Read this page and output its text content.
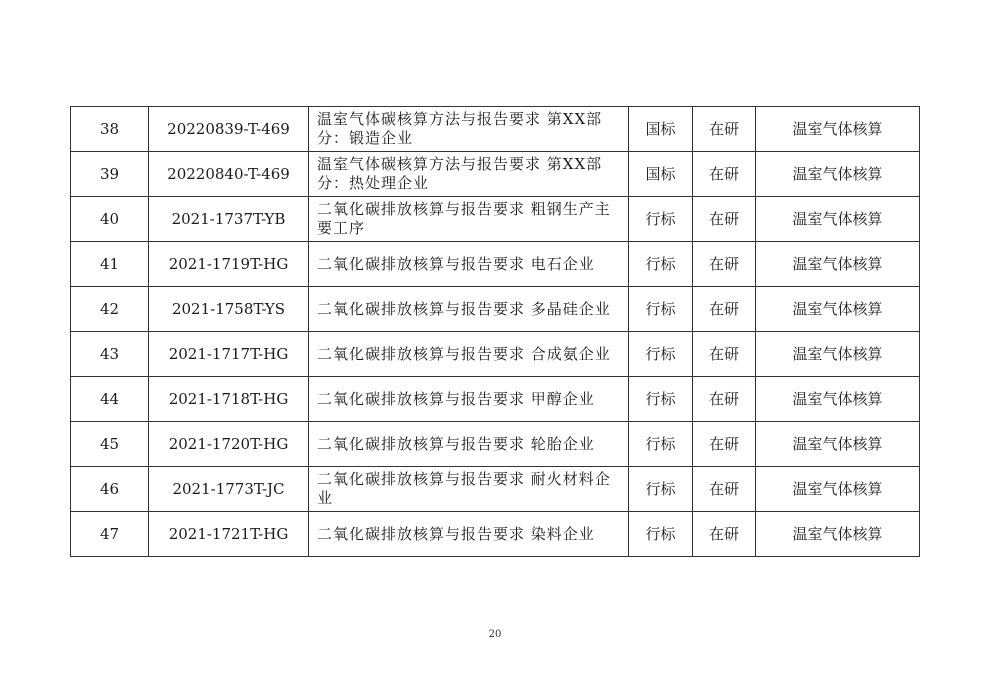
38	20220839-T-469	温室气体碳核算方法与报告要求 第XX部分：锻造企业	国标	在研	温室气体核算
39	20220840-T-469	温室气体碳核算方法与报告要求 第XX部分：热处理企业	国标	在研	温室气体核算
40	2021-1737T-YB	二氧化碳排放核算与报告要求 粗钢生产主要工序	行标	在研	温室气体核算
41	2021-1719T-HG	二氧化碳排放核算与报告要求 电石企业	行标	在研	温室气体核算
42	2021-1758T-YS	二氧化碳排放核算与报告要求 多晶硅企业	行标	在研	温室气体核算
43	2021-1717T-HG	二氧化碳排放核算与报告要求 合成氨企业	行标	在研	温室气体核算
44	2021-1718T-HG	二氧化碳排放核算与报告要求 甲醇企业	行标	在研	温室气体核算
45	2021-1720T-HG	二氧化碳排放核算与报告要求 轮胎企业	行标	在研	温室气体核算
46	2021-1773T-JC	二氧化碳排放核算与报告要求 耐火材料企业	行标	在研	温室气体核算
47	2021-1721T-HG	二氧化碳排放核算与报告要求 染料企业	行标	在研	温室气体核算
20
